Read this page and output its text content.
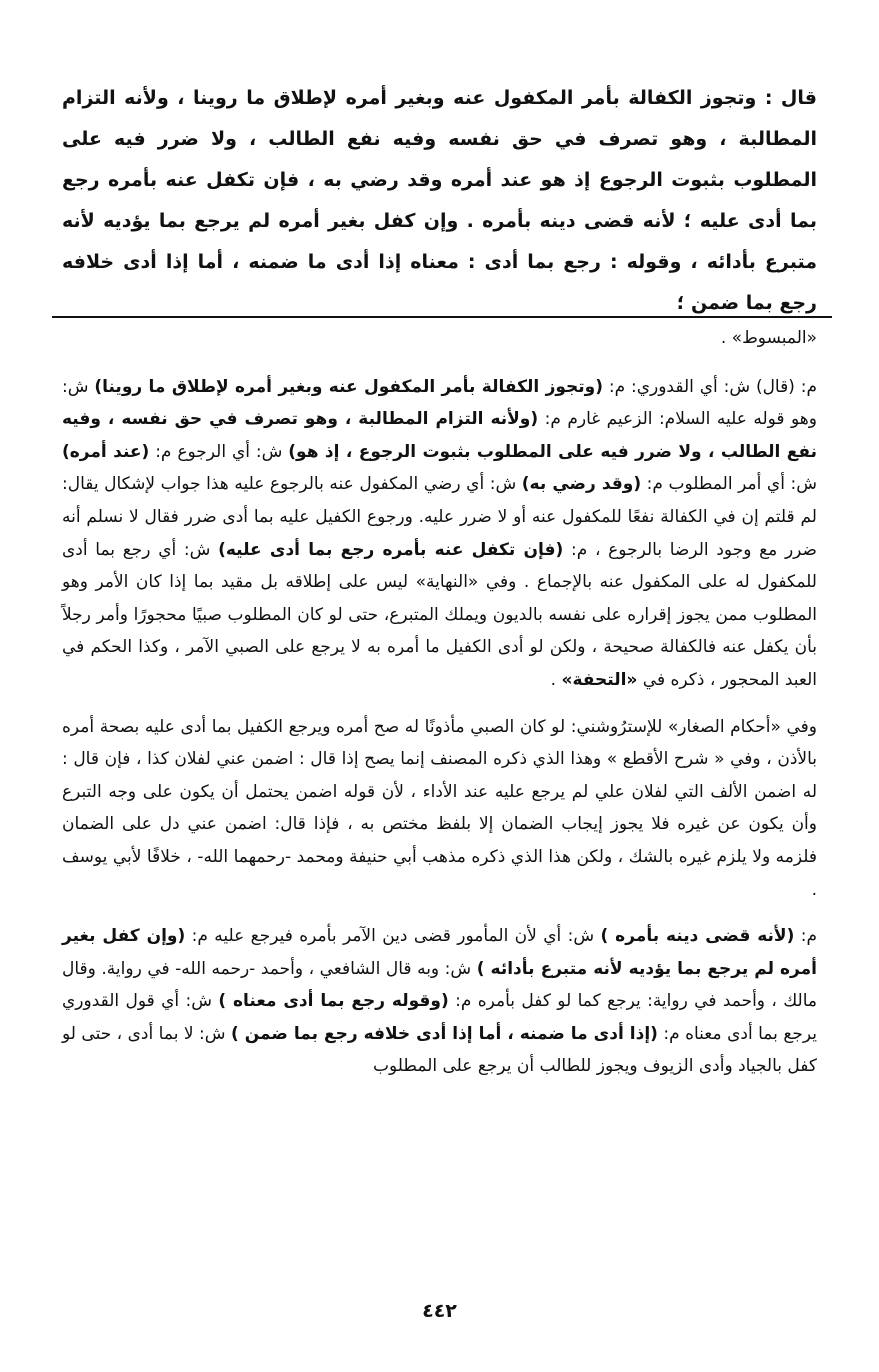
قال : وتجوز الكفالة بأمر المكفول عنه وبغير أمره لإطلاق ما روينا ، ولأنه التزام المطالبة ، وهو تصرف في حق نفسه وفيه نفع الطالب ، ولا ضرر فيه على المطلوب بثبوت الرجوع إذ هو عند أمره وقد رضي به ، فإن تكفل عنه بأمره رجع بما أدى عليه ؛ لأنه قضى دينه بأمره . وإن كفل بغير أمره لم يرجع بما يؤديه لأنه متبرع بأدائه ، وقوله : رجع بما أدى : معناه إذا أدى ما ضمنه ، أما إذا أدى خلافه رجع بما ضمن ؛

«المبسوط» .

م: (قال) ش: أي القدوري: م: (وتجوز الكفالة بأمر المكفول عنه وبغير أمره لإطلاق ما روينا) ش: وهو قوله عليه السلام: الزعيم غارم م: (ولأنه التزام المطالبة ، وهو تصرف في حق نفسه ، وفيه نفع الطالب ، ولا ضرر فيه على المطلوب بثبوت الرجوع ، إذ هو) ش: أي الرجوع م: (عند أمره) ش: أي أمر المطلوب م: (وقد رضي به) ش: أي رضي المكفول عنه بالرجوع عليه هذا جواب لإشكال يقال: لم قلتم إن في الكفالة نفعًا للمكفول عنه أو لا ضرر عليه. ورجوع الكفيل عليه بما أدى ضرر فقال لا نسلم أنه ضرر مع وجود الرضا بالرجوع ، م: (فإن تكفل عنه بأمره رجع بما أدى عليه) ش: أي رجع بما أدى للمكفول له على المكفول عنه بالإجماع . وفي «النهاية» ليس على إطلاقه بل مقيد بما إذا كان الأمر وهو المطلوب ممن يجوز إقراره على نفسه بالديون ويملك المتبرع، حتى لو كان المطلوب صبيًا محجورًا وأمر رجلاً بأن يكفل عنه فالكفالة صحيحة ، ولكن لو أدى الكفيل ما أمره به لا يرجع على الصبي الآمر ، وكذا الحكم في العبد المحجور ، ذكره في «التحفة» .

وفي «أحكام الصغار» للإسترُوشني: لو كان الصبي مأذونًا له صح أمره ويرجع الكفيل بما أدى عليه بصحة أمره بالأذن ، وفي « شرح الأقطع » وهذا الذي ذكره المصنف إنما يصح إذا قال : اضمن عني لفلان كذا ، فإن قال : له اضمن الألف التي لفلان علي لم يرجع عليه عند الأداء ، لأن قوله اضمن يحتمل أن يكون على وجه التبرع وأن يكون عن غيره فلا يجوز إيجاب الضمان إلا بلفظ مختص به ، فإذا قال: اضمن عني دل على الضمان فلزمه ولا يلزم غيره بالشك ، ولكن هذا الذي ذكره مذهب أبي حنيفة ومحمد -رحمهما الله- ، خلافًا لأبي يوسف .

م: (لأنه قضى دينه بأمره ) ش: أي لأن المأمور قضى دين الآمر بأمره فيرجع عليه م: (وإن كفل بغير أمره لم يرجع بما يؤديه لأنه متبرع بأدائه ) ش: وبه قال الشافعي ، وأحمد -رحمه الله- في رواية. وقال مالك ، وأحمد في رواية: يرجع كما لو كفل بأمره م: (وقوله رجع بما أدى معناه ) ش: أي قول القدوري يرجع بما أدى معناه م: (إذا أدى ما ضمنه ، أما إذا أدى خلافه رجع بما ضمن ) ش: لا بما أدى ، حتى لو كفل بالجياد وأدى الزيوف ويجوز للطالب أن يرجع على المطلوب

٤٤٢
